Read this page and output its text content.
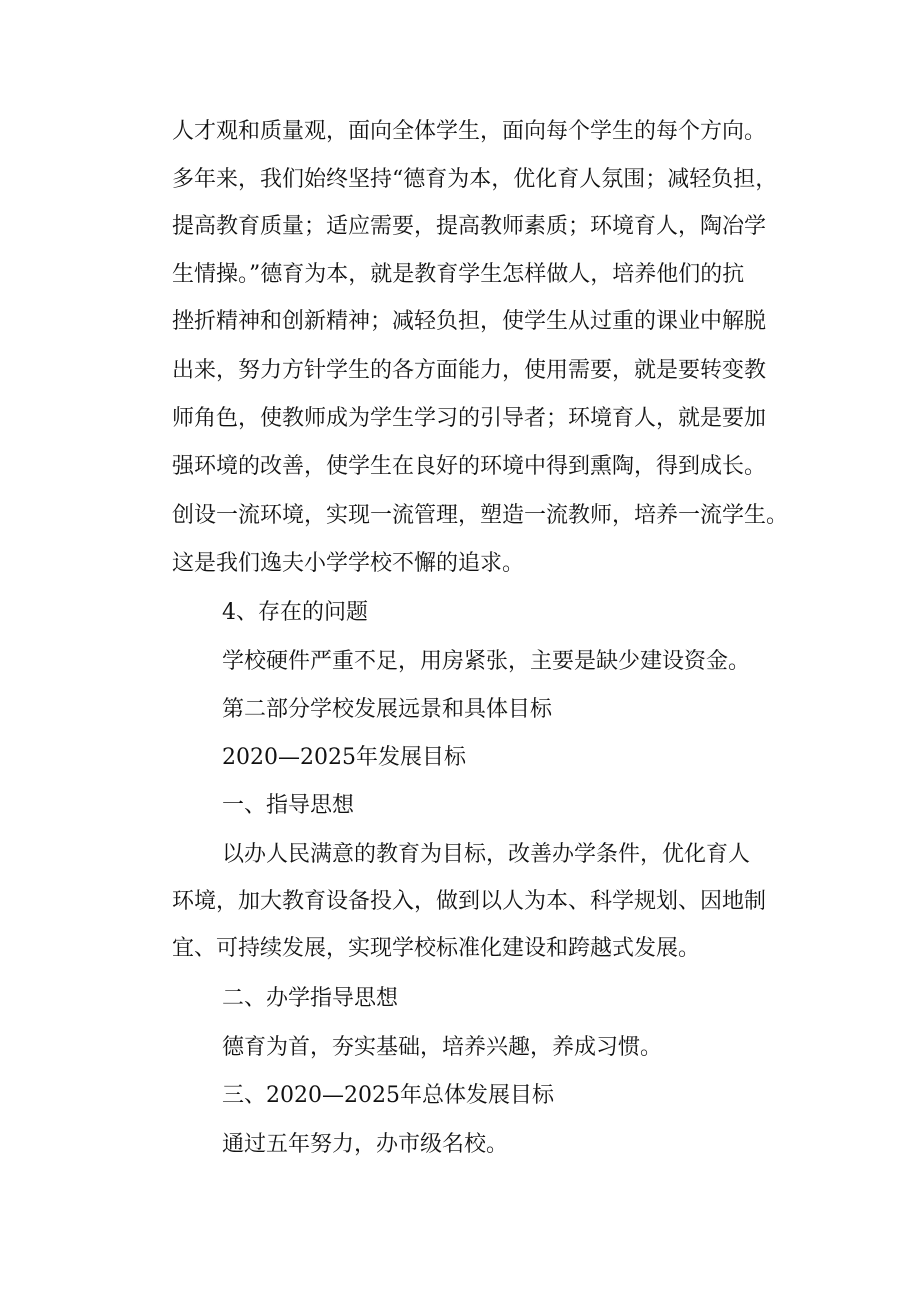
人才观和质量观，面向全体学生，面向每个学生的每个方向。
多年来，我们始终坚持“德育为本，优化育人氛围；减轻负担，
提高教育质量；适应需要，提高教师素质；环境育人，陶冶学
生情操。”德育为本，就是教育学生怎样做人，培养他们的抗
挫折精神和创新精神；减轻负担，使学生从过重的课业中解脱
出来，努力方针学生的各方面能力，使用需要，就是要转变教
师角色，使教师成为学生学习的引导者；环境育人，就是要加
强环境的改善，使学生在良好的环境中得到熏陶，得到成长。
创设一流环境，实现一流管理，塑造一流教师，培养一流学生。
这是我们逸夫小学学校不懈的追求。
4、存在的问题
学校硬件严重不足，用房紧张，主要是缺少建设资金。
第二部分学校发展远景和具体目标
2020—2025年发展目标
一、指导思想
以办人民满意的教育为目标，改善办学条件，优化育人
环境，加大教育设备投入，做到以人为本、科学规划、因地制
宜、可持续发展，实现学校标准化建设和跨越式发展。
二、办学指导思想
德育为首，夯实基础，培养兴趣，养成习惯。
三、2020—2025年总体发展目标
通过五年努力，办市级名校。
